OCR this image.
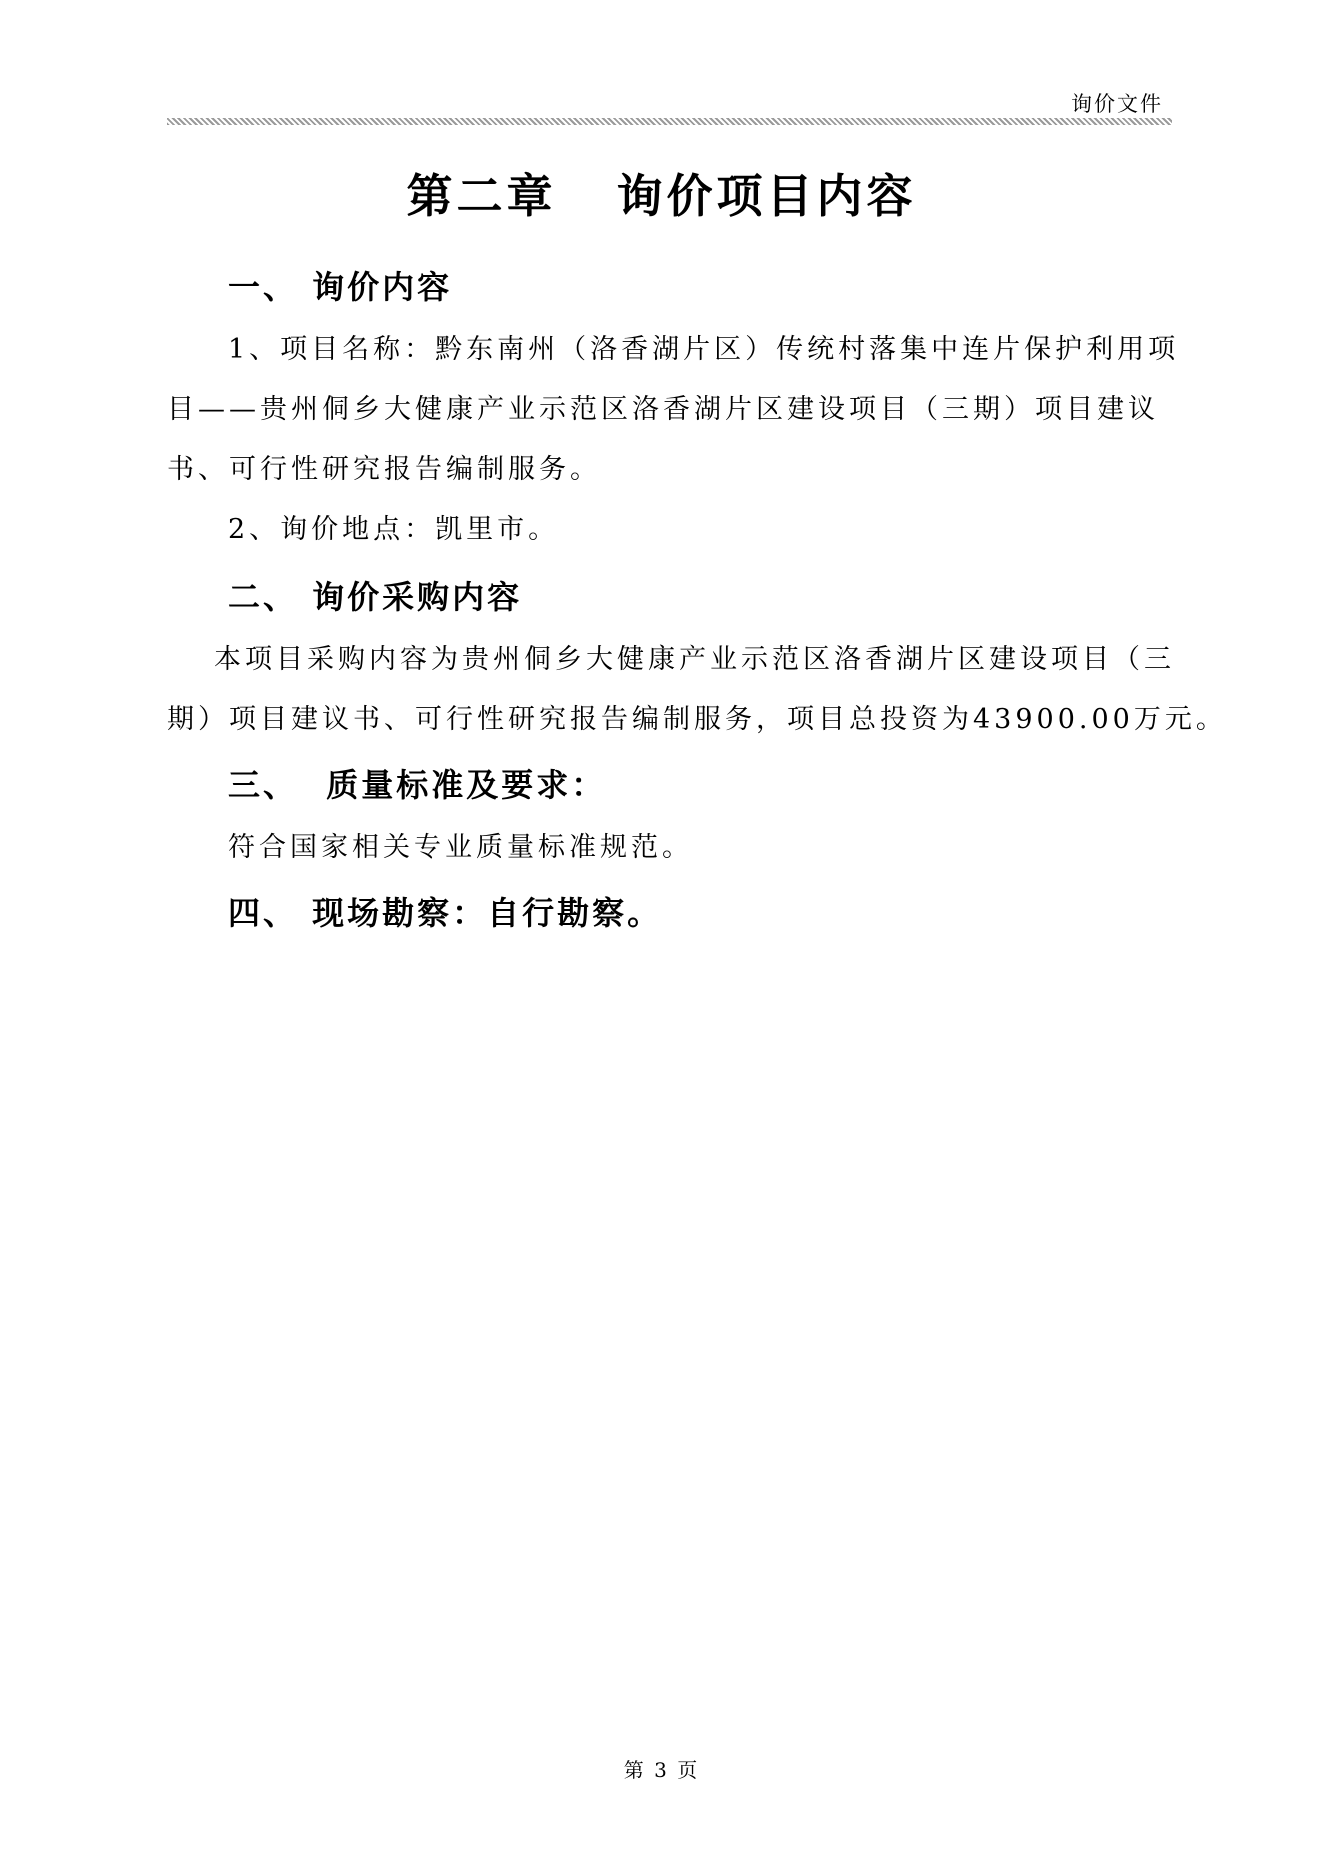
询价文件
第二章   询价项目内容
一、 询价内容
1、项目名称：黔东南州（洛香湖片区）传统村落集中连片保护利用项
目——贵州侗乡大健康产业示范区洛香湖片区建设项目（三期）项目建议
书、可行性研究报告编制服务。
2、询价地点：凯里市。
二、 询价采购内容
本项目采购内容为贵州侗乡大健康产业示范区洛香湖片区建设项目（三
期）项目建议书、可行性研究报告编制服务，项目总投资为43900.00万元。
三、  质量标准及要求：
符合国家相关专业质量标准规范。
四、 现场勘察：自行勘察。
第 3 页
